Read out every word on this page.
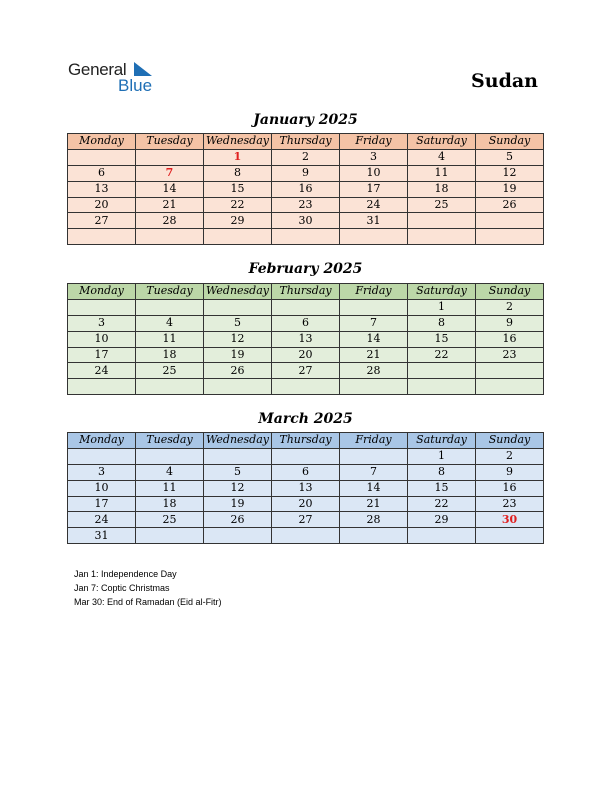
General
Blue	Sudan
January 2025
Monday	Tuesday	Wednesday	Thursday	Friday	Saturday	Sunday
		1	2	3	4	5
6	7	8	9	10	11	12
13	14	15	16	17	18	19
20	21	22	23	24	25	26
27	28	29	30	31		

February 2025
Monday	Tuesday	Wednesday	Thursday	Friday	Saturday	Sunday
					1	2
3	4	5	6	7	8	9
10	11	12	13	14	15	16
17	18	19	20	21	22	23
24	25	26	27	28		

March 2025
Monday	Tuesday	Wednesday	Thursday	Friday	Saturday	Sunday
					1	2
3	4	5	6	7	8	9
10	11	12	13	14	15	16
17	18	19	20	21	22	23
24	25	26	27	28	29	30
31						
Jan 1: Independence Day
Jan 7: Coptic Christmas
Mar 30: End of Ramadan (Eid al-Fitr)
